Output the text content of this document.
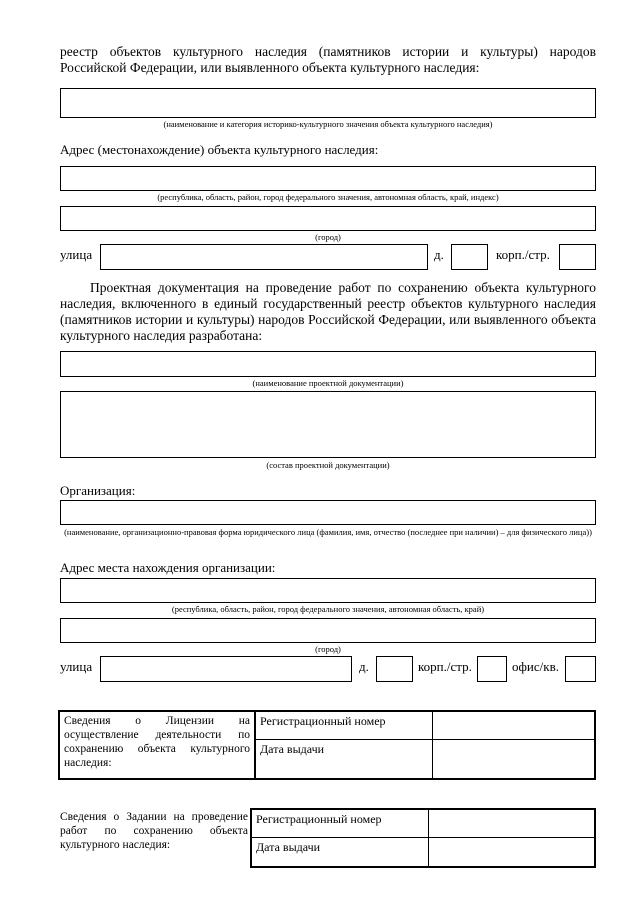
реестр объектов культурного наследия (памятников истории и культуры) народов Российской Федерации, или выявленного объекта культурного наследия:
(наименование и категория историко-культурного значения объекта культурного наследия)
Адрес (местонахождение) объекта культурного наследия:
(республика, область, район, город федерального значения, автономная область, край, индекс)
(город)
улица	д.	корп./стр.
Проектная документация на проведение работ по сохранению объекта культурного наследия, включенного в единый государственный реестр объектов культурного наследия (памятников истории и культуры) народов Российской Федерации, или выявленного объекта культурного наследия разработана:
(наименование проектной документации)
(состав проектной документации)
Организация:
(наименование, организационно-правовая форма юридического лица (фамилия, имя, отчество (последнее при наличии) – для физического лица))
Адрес места нахождения организации:
(республика, область, район, город федерального значения, автономная область, край)
(город)
улица	д.	корп./стр.	офис/кв.
Сведения о Лицензии на осуществление деятельности по сохранению объекта культурного наследия:	Регистрационный номер	
	Дата выдачи	
Сведения о Задании на проведение работ по сохранению объекта культурного наследия:
Регистрационный номер	
Дата выдачи	
